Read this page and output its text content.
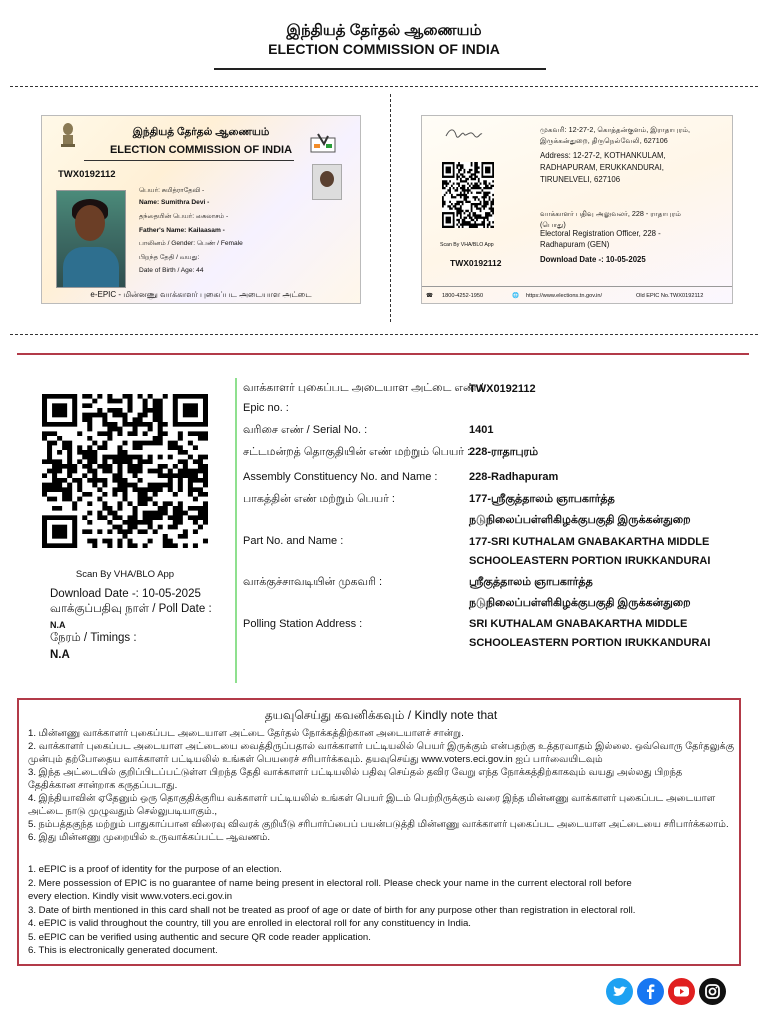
இந்தியத் தேர்தல் ஆணையம்
ELECTION COMMISSION OF INDIA
இந்தியத் தேர்தல் ஆணையம்
ELECTION COMMISSION OF INDIA
TWX0192112
பெயர்: சுமித்ராதேவி -
Name: Sumithra Devi -
தந்தையின் பெயர்: கைலாசம் -
Father's Name: Kailaasam -
பாலினம் / Gender: பெண் / Female
பிறந்த தேதி / வயது:
Date of Birth / Age: 44
e-EPIC - மின்னணு வாக்காளர் புகைப்பட அடையாள அட்டை
Scan By VHA/BLO App
TWX0192112
முகவரி: 12-27-2, கொத்தன்குளம், இராதாபுரம்,
இருக்கன்துறை, திருநெல்வேலி, 627106
Address: 12-27-2, KOTHANKULAM,
RADHAPURAM, ERUKKANDURAI,
TIRUNELVELI, 627106
வாக்காளர் பதிவு அலுவலர், 228 - ராதாபுரம்
(பொது)
Electoral Registration Officer, 228 -
Radhapuram (GEN)
Download Date -: 10-05-2025
☎ 1800-4252-1950	🌐 https://www.elections.tn.gov.in/	Old EPIC No.TWX0192112
Scan By VHA/BLO App
Download Date -: 10-05-2025
வாக்குப்பதிவு நாள் / Poll Date :
N.A
நேரம் / Timings :
N.A
வாக்காளர் புகைப்பட அடையாள அட்டை எண் /
Epic no. :
TWX0192112
வரிசை எண் / Serial No. :	1401
சட்டமன்றத் தொகுதியின் எண் மற்றும் பெயர் :
228-ராதாபுரம்
Assembly Constituency No. and Name :	228-Radhapuram
பாகத்தின் எண் மற்றும் பெயர் :	177-ஸ்ரீகுத்தாலம் ஞாபகார்த்த
நடுநிலைப்பள்ளிகிழக்குபகுதி இருக்கன்துறை
Part No. and Name :	177-SRI KUTHALAM GNABAKARTHA MIDDLE
SCHOOLEASTERN PORTION IRUKKANDURAI
வாக்குச்சாவடியின் முகவரி :	ஸ்ரீகுத்தாலம் ஞாபகார்த்த
நடுநிலைப்பள்ளிகிழக்குபகுதி இருக்கன்துறை
Polling Station Address :	SRI KUTHALAM GNABAKARTHA MIDDLE
SCHOOLEASTERN PORTION IRUKKANDURAI
தயவுசெய்து கவனிக்கவும் / Kindly note that
1. மின்னணு வாக்காளர் புகைப்பட அடையாள அட்டை தேர்தல் நோக்கத்திற்கான அடையாளச் சான்று.
2. வாக்காளர் புகைப்பட அடையாள அட்டையை வைத்திருப்பதால் வாக்காளர் பட்டியலில் பெயர் இருக்கும் என்பதற்கு உத்தரவாதம் இல்லை. ஒவ்வொரு தேர்தலுக்கு
முன்பும் தற்போதைய வாக்காளர் பட்டியலில் உங்கள் பெயரைச் சரிபார்க்கவும். தயவுசெய்து www.voters.eci.gov.in ஐப் பார்வையிடவும்
3. இந்த அட்டையில் குறிப்பிடப்பட்டுள்ள பிறந்த தேதி வாக்காளர் பட்டியலில் பதிவு செய்தல் தவிர வேறு எந்த நோக்கத்திற்காகவும் வயது அல்லது பிறந்த
தேதிக்கான சான்றாக கருதப்படாது.
4. இந்தியாவின் ஏதேனும் ஒரு தொகுதிக்குரிய வக்காளர் பட்டியலில் உங்கள் பெயர் இடம் பெற்றிருக்கும் வரை இந்த மின்னணு வாக்காளர் புகைப்பட அடையாள
அட்டை நாடு முழுவதும் செல்லுபடியாகும்.,
5. நம்பத்தகுந்த மற்றும் பாதுகாப்பான விரைவு விவரக் குறியீடு சரிபார்ப்பைப் பயன்படுத்தி மின்னணு வாக்காளர் புகைப்பட அடையாள அட்டையை சரிபார்க்கலாம்.
6. இது மின்னணு முறையில் உருவாக்கப்பட்ட ஆவணம்.
1. eEPIC is a proof of identity for the purpose of an election.
2. Mere possession of EPIC is no guarantee of name being present in electoral roll. Please check your name in the current electoral roll before
every election. Kindly visit www.voters.eci.gov.in
3. Date of birth mentioned in this card shall not be treated as proof of age or date of birth for any purpose other than registration in electoral roll.
4. eEPIC is valid throughout the country, till you are enrolled in electoral roll for any constituency in India.
5. eEPIC can be verified using authentic and secure QR code reader application.
6. This is electronically generated document.
